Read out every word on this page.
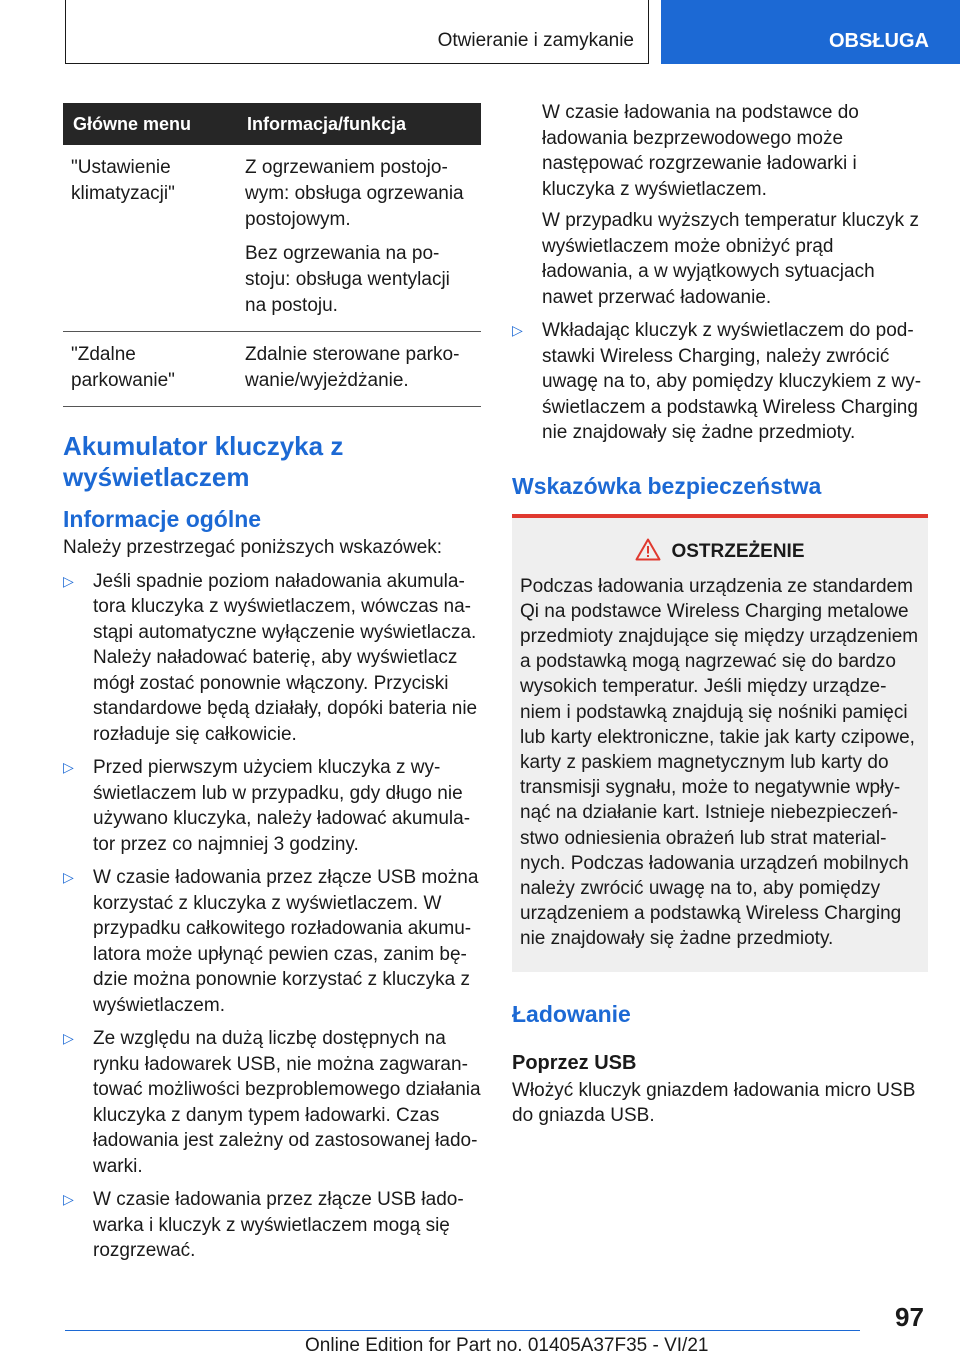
Otwieranie i zamykanie	OBSŁUGA
Główne menu	Informacja/funkcja
"Ustawienie klimatyzacji"	Z ogrzewaniem postojowym: obsługa ogrzewania postojowym.

Bez ogrzewania na postoju: obsługa wentylacji na postoju.

"Zdalne parkowanie"	Zdalnie sterowane parkowanie/wyjeżdżanie.

Akumulator kluczyka z wyświetlaczem
Informacje ogólne

Należy przestrzegać poniższych wskazówek:

▷ Jeśli spadnie poziom naładowania akumulatora kluczyka z wyświetlaczem, wówczas nastąpi automatyczne wyłączenie wyświetlacza. Należy naładować baterię, aby wyświetlacz mógł zostać ponownie włączony. Przyciski standardowe będą działały, dopóki bateria nie rozładuje się całkowicie.
▷ Przed pierwszym użyciem kluczyka z wyświetlaczem lub w przypadku, gdy długo nie używano kluczyka, należy ładować akumulator przez co najmniej 3 godziny.
▷ W czasie ładowania przez złącze USB można korzystać z kluczyka z wyświetlaczem. W przypadku całkowitego rozładowania akumulatora może upłynąć pewien czas, zanim będzie można ponownie korzystać z kluczyka z wyświetlaczem.
▷ Ze względu na dużą liczbę dostępnych na rynku ładowarek USB, nie można zagwarantować możliwości bezproblemowego działania kluczyka z danym typem ładowarki. Czas ładowania jest zależny od zastosowanej ładowarki.
▷ W czasie ładowania przez złącze USB ładowarka i kluczyk z wyświetlaczem mogą się rozgrzewać.

W czasie ładowania na podstawce do ładowania bezprzewodowego może następować rozgrzewanie ładowarki i kluczyka z wyświetlaczem.

W przypadku wyższych temperatur kluczyk z wyświetlaczem może obniżyć prąd ładowania, a w wyjątkowych sytuacjach nawet przerwać ładowanie.

▷ Wkładając kluczyk z wyświetlaczem do podstawki Wireless Charging, należy zwrócić uwagę na to, aby pomiędzy kluczykiem z wyświetlaczem a podstawką Wireless Charging nie znajdowały się żadne przedmioty.
Wskazówka bezpieczeństwa
OSTRZEŻENIE
Podczas ładowania urządzenia ze standardem Qi na podstawce Wireless Charging metalowe przedmioty znajdujące się między urządzeniem a podstawką mogą nagrzewać się do bardzo wysokich temperatur. Jeśli między urządzeniem i podstawką znajdują się nośniki pamięci lub karty elektroniczne, takie jak karty czipowe, karty z paskiem magnetycznym lub karty do transmisji sygnału, może to negatywnie wpłynąć na działanie kart. Istnieje niebezpieczeństwo odniesienia obrażeń lub strat materialnych. Podczas ładowania urządzeń mobilnych należy zwrócić uwagę na to, aby pomiędzy urządzeniem a podstawką Wireless Charging nie znajdowały się żadne przedmioty.
Ładowanie
Poprzez USB

Włożyć kluczyk gniazdem ładowania micro USB do gniazda USB.

97
Online Edition for Part no. 01405A37F35 - VI/21
